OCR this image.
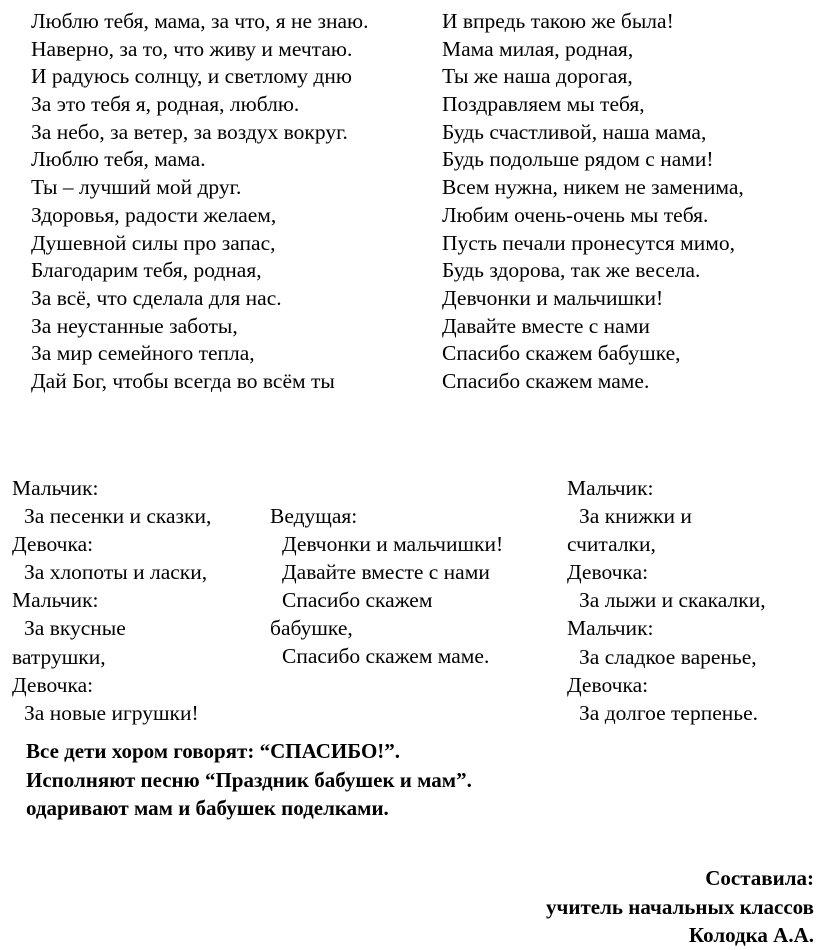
Люблю тебя, мама, за что, я не знаю.
Наверно, за то, что живу и мечтаю.
И радуюсь солнцу, и светлому дню
За это тебя я, родная, люблю.
За небо, за ветер, за воздух вокруг.
Люблю тебя, мама.
Ты – лучший мой друг.
Здоровья, радости желаем,
Душевной силы про запас,
Благодарим тебя, родная,
За всё, что сделала для нас.
За неустанные заботы,
За мир семейного тепла,
Дай Бог, чтобы всегда во всём ты
И впредь такою же была!
Мама милая, родная,
Ты же наша дорогая,
Поздравляем мы тебя,
Будь счастливой, наша мама,
Будь подольше рядом с нами!
Всем нужна, никем не заменима,
Любим очень-очень мы тебя.
Пусть печали пронесутся мимо,
Будь здорова, так же весела.
Девчонки и мальчишки!
Давайте вместе с нами
Спасибо скажем бабушке,
Спасибо скажем маме.
Мальчик:
За песенки и сказки,
Девочка:
За хлопоты и ласки,
Мальчик:
За вкусные
ватрушки,
Девочка:
За новые игрушки!
Ведущая:
Девчонки и мальчишки!
Давайте вместе с нами
Спасибо скажем
бабушке,
Спасибо скажем маме.
Мальчик:
За книжки и
считалки,
Девочка:
За лыжи и скакалки,
Мальчик:
За сладкое варенье,
Девочка:
За долгое терпенье.
Все дети хором говорят: “СПАСИБО!”.
Исполняют песню “Праздник бабушек и мам”.
одаривают мам и бабушек поделками.
Составила:
учитель начальных классов
Колодка А.А.
